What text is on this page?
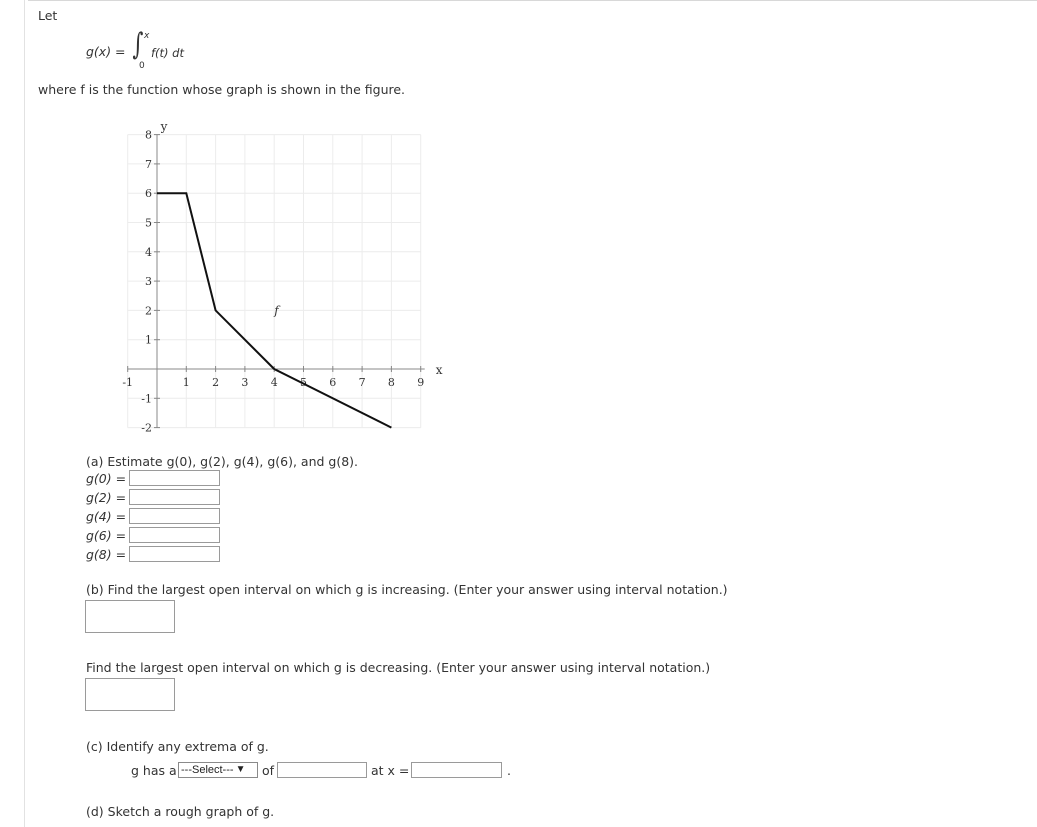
Let
g(x) = ∫ x
0
f(t) dt
where f is the function whose graph is shown in the figure.
-1	1 2 3 4 5 6 7 8 9
-2
-1
1
2
3
4
5
6
7
8
x
y
f
(a) Estimate g(0), g(2), g(4), g(6), and g(8).
g(0) =
g(2) =
g(4) =
g(6) =
g(8) =
(b) Find the largest open interval on which g is increasing. (Enter your answer using interval notation.)
Find the largest open interval on which g is decreasing. (Enter your answer using interval notation.)
(c) Identify any extrema of g.
g has a ---Select--- ▼ of	at x =	.
(d) Sketch a rough graph of g.
